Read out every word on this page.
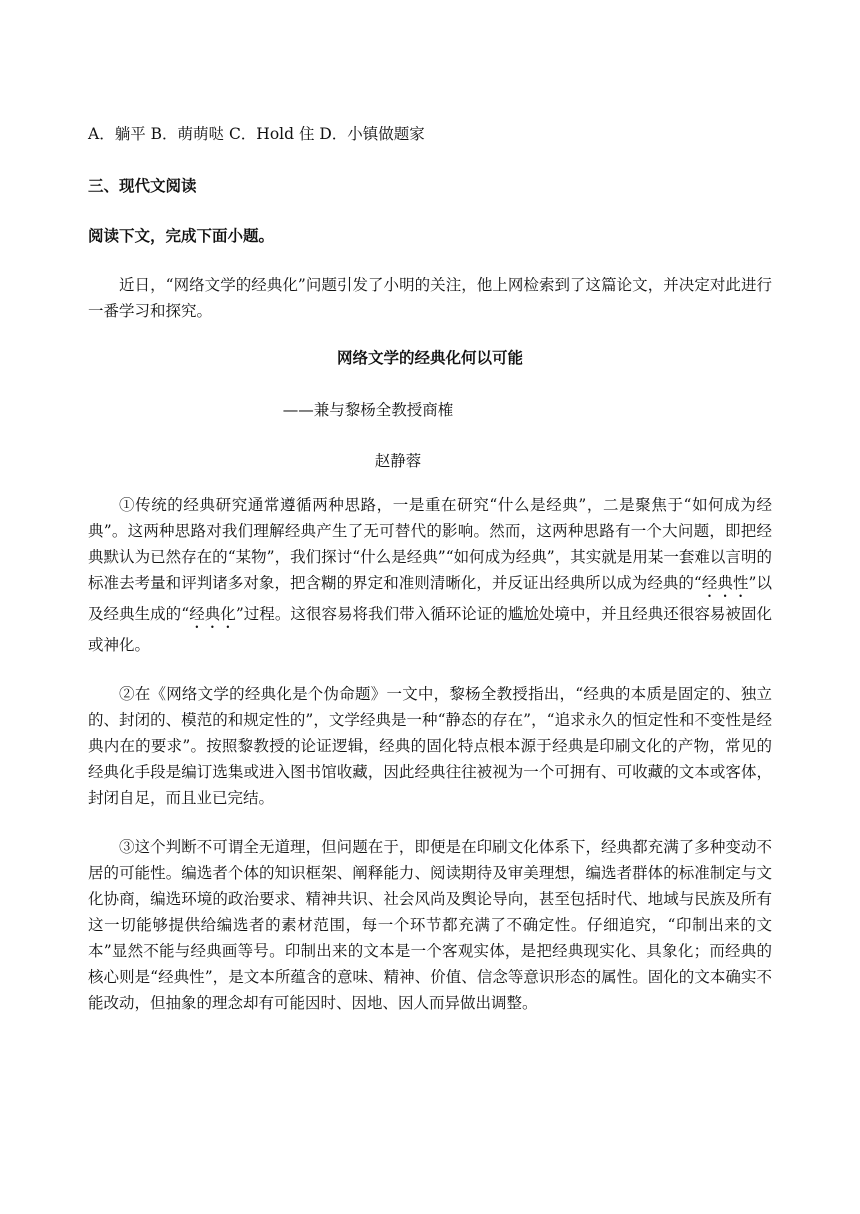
A．躺平 B．萌萌哒 C．Hold 住 D．小镇做题家
三、现代文阅读
阅读下文，完成下面小题。
近日，“网络文学的经典化”问题引发了小明的关注，他上网检索到了这篇论文，并决定对此进行一番学习和探究。
网络文学的经典化何以可能
——兼与黎杨全教授商榷
赵静蓉
①传统的经典研究通常遵循两种思路，一是重在研究“什么是经典”，二是聚焦于“如何成为经典”。这两种思路对我们理解经典产生了无可替代的影响。然而，这两种思路有一个大问题，即把经典默认为已然存在的“某物”，我们探讨“什么是经典”“如何成为经典”，其实就是用某一套难以言明的标准去考量和评判诸多对象，把含糊的界定和准则清晰化，并反证出经典所以成为经典的“经典性”以及经典生成的“经典化”过程。这很容易将我们带入循环论证的尴尬处境中，并且经典还很容易被固化或神化。
②在《网络文学的经典化是个伪命题》一文中，黎杨全教授指出，“经典的本质是固定的、独立的、封闭的、模范的和规定性的”，文学经典是一种“静态的存在”，“追求永久的恒定性和不变性是经典内在的要求”。按照黎教授的论证逻辑，经典的固化特点根本源于经典是印刷文化的产物，常见的经典化手段是编订选集或进入图书馆收藏，因此经典往往被视为一个可拥有、可收藏的文本或客体，封闭自足，而且业已完结。
③这个判断不可谓全无道理，但问题在于，即便是在印刷文化体系下，经典都充满了多种变动不居的可能性。编选者个体的知识框架、阐释能力、阅读期待及审美理想，编选者群体的标准制定与文化协商，编选环境的政治要求、精神共识、社会风尚及舆论导向，甚至包括时代、地域与民族及所有这一切能够提供给编选者的素材范围，每一个环节都充满了不确定性。仔细追究，“印制出来的文本”显然不能与经典画等号。印制出来的文本是一个客观实体，是把经典现实化、具象化；而经典的核心则是“经典性”，是文本所蕴含的意味、精神、价值、信念等意识形态的属性。固化的文本确实不能改动，但抽象的理念却有可能因时、因地、因人而异做出调整。
